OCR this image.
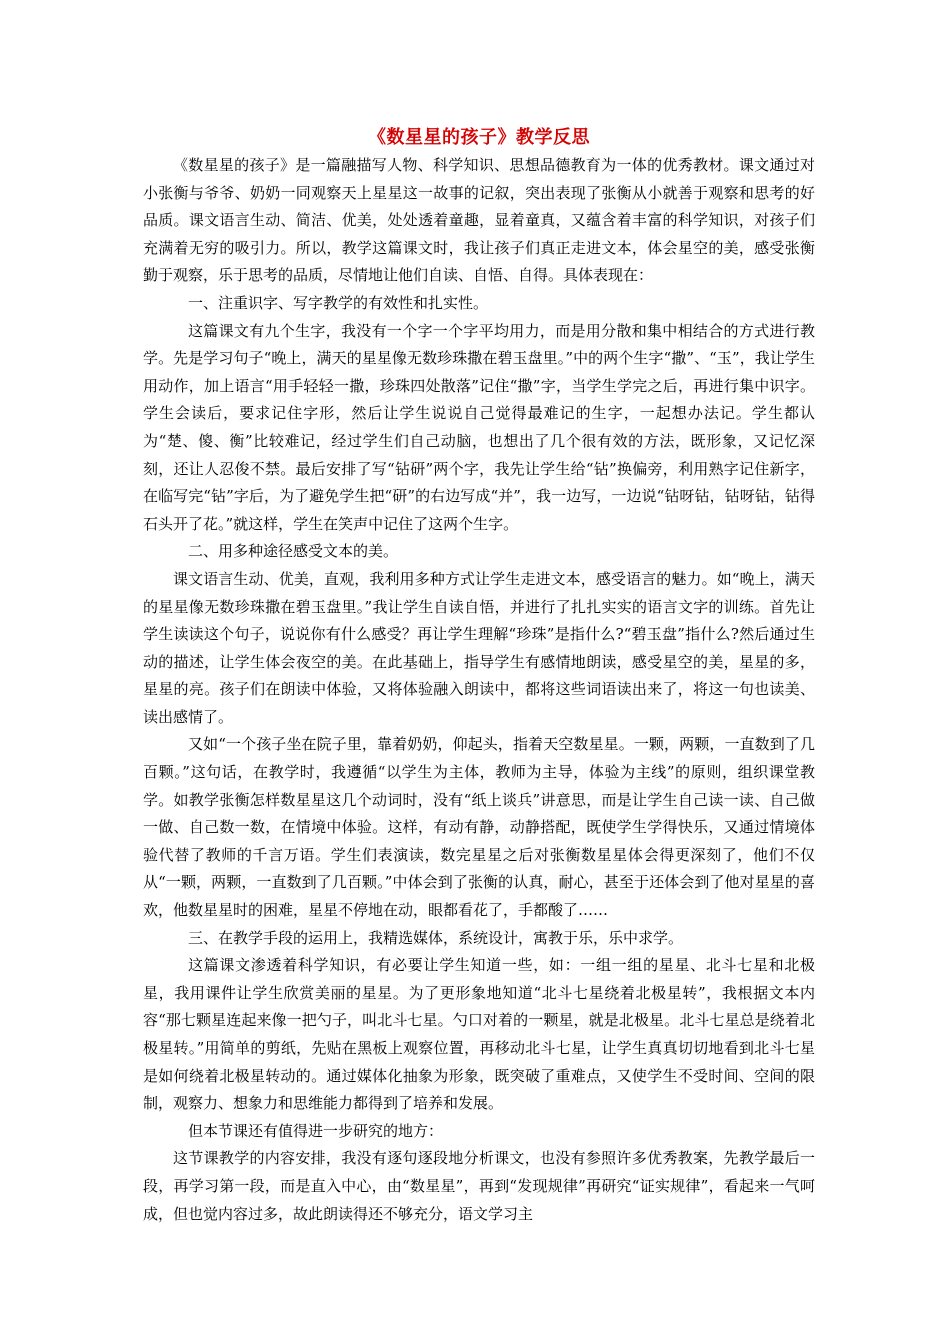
《数星星的孩子》教学反思

《数星星的孩子》是一篇融描写人物、科学知识、思想品德教育为一体的优秀教材。课文通过对小张衡与爷爷、奶奶一同观察天上星星这一故事的记叙，突出表现了张衡从小就善于观察和思考的好品质。课文语言生动、简洁、优美，处处透着童趣，显着童真，又蕴含着丰富的科学知识，对孩子们充满着无穷的吸引力。所以，教学这篇课文时，我让孩子们真正走进文本，体会星空的美，感受张衡勤于观察，乐于思考的品质，尽情地让他们自读、自悟、自得。具体表现在：

一、注重识字、写字教学的有效性和扎实性。

这篇课文有九个生字，我没有一个字一个字平均用力，而是用分散和集中相结合的方式进行教学。先是学习句子“晚上，满天的星星像无数珍珠撒在碧玉盘里。”中的两个生字“撒”、“玉”，我让学生用动作，加上语言“用手轻轻一撒，珍珠四处散落”记住“撒”字，当学生学完之后，再进行集中识字。学生会读后，要求记住字形，然后让学生说说自己觉得最难记的生字，一起想办法记。学生都认为“楚、傻、衡”比较难记，经过学生们自己动脑，也想出了几个很有效的方法，既形象，又记忆深刻，还让人忍俊不禁。最后安排了写“钻研”两个字，我先让学生给“钻”换偏旁，利用熟字记住新字，在临写完“钻”字后，为了避免学生把“研”的右边写成“并”，我一边写，一边说“钻呀钻，钻呀钻，钻得石头开了花。”就这样，学生在笑声中记住了这两个生字。

二、用多种途径感受文本的美。

课文语言生动、优美，直观，我利用多种方式让学生走进文本，感受语言的魅力。如“晚上，满天的星星像无数珍珠撒在碧玉盘里。”我让学生自读自悟，并进行了扎扎实实的语言文字的训练。首先让学生读读这个句子，说说你有什么感受？再让学生理解“珍珠”是指什么?“碧玉盘”指什么?然后通过生动的描述，让学生体会夜空的美。在此基础上，指导学生有感情地朗读，感受星空的美，星星的多，星星的亮。孩子们在朗读中体验，又将体验融入朗读中，都将这些词语读出来了，将这一句也读美、读出感情了。

又如“一个孩子坐在院子里，靠着奶奶，仰起头，指着天空数星星。一颗，两颗，一直数到了几百颗。”这句话，在教学时，我遵循“以学生为主体，教师为主导，体验为主线”的原则，组织课堂教学。如教学张衡怎样数星星这几个动词时，没有“纸上谈兵”讲意思，而是让学生自己读一读、自己做一做、自己数一数，在情境中体验。这样，有动有静，动静搭配，既使学生学得快乐，又通过情境体验代替了教师的千言万语。学生们表演读，数完星星之后对张衡数星星体会得更深刻了，他们不仅从“一颗，两颗，一直数到了几百颗。”中体会到了张衡的认真，耐心，甚至于还体会到了他对星星的喜欢，他数星星时的困难，星星不停地在动，眼都看花了，手都酸了……

三、在教学手段的运用上，我精选媒体，系统设计，寓教于乐，乐中求学。

这篇课文渗透着科学知识，有必要让学生知道一些，如：一组一组的星星、北斗七星和北极星，我用课件让学生欣赏美丽的星星。为了更形象地知道“北斗七星绕着北极星转”，我根据文本内容“那七颗星连起来像一把勺子，叫北斗七星。勺口对着的一颗星，就是北极星。北斗七星总是绕着北极星转。”用简单的剪纸，先贴在黑板上观察位置，再移动北斗七星，让学生真真切切地看到北斗七星是如何绕着北极星转动的。通过媒体化抽象为形象，既突破了重难点，又使学生不受时间、空间的限制，观察力、想象力和思维能力都得到了培养和发展。

但本节课还有值得进一步研究的地方：

这节课教学的内容安排，我没有逐句逐段地分析课文，也没有参照许多优秀教案，先教学最后一段，再学习第一段，而是直入中心，由“数星星”，再到“发现规律”再研究“证实规律”，看起来一气呵成，但也觉内容过多，故此朗读得还不够充分，语文学习主
